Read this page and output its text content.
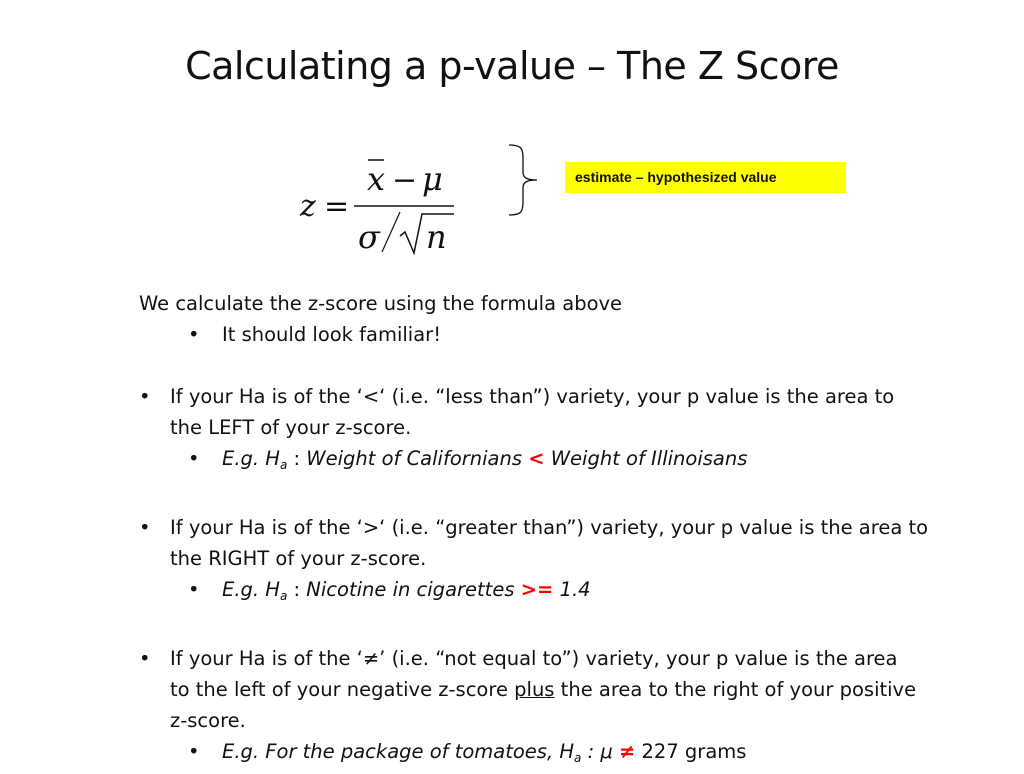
Calculating a p-value – The Z Score
z =
x − μ
σ n
estimate – hypothesized value
We calculate the z-score using the formula above
• It should look familiar!
• If your Ha is of the ‘<‘ (i.e. “less than”) variety, your p value is the area to
the LEFT of your z-score.
• E.g. $H_a$ : Weight of Californians < Weight of Illinoisans
• If your Ha is of the ‘>‘ (i.e. “greater than”) variety, your p value is the area to
the RIGHT of your z-score.
• E.g. $H_a$ : Nicotine in cigarettes >= 1.4
• If your Ha is of the ‘≠’ (i.e. “not equal to”) variety, your p value is the area
to the left of your negative z-score plus the area to the right of your positive
z-score.
• E.g. For the package of tomatoes, $H_a$ : μ ≠ 227 grams
